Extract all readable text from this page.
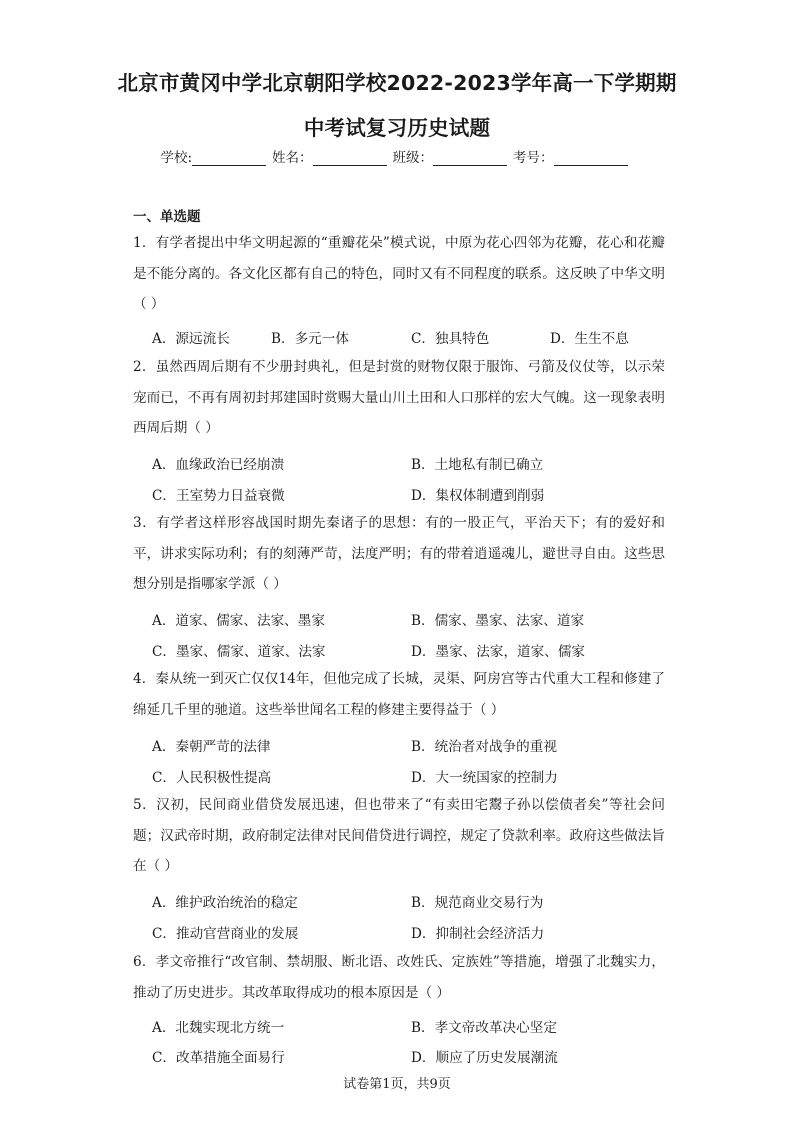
北京市黄冈中学北京朝阳学校2022-2023学年高一下学期期
中考试复习历史试题
学校:	姓名：	班级：	考号：
一、单选题
1．有学者提出中华文明起源的“重瓣花朵”模式说，中原为花心四邻为花瓣，花心和花瓣是不能分离的。各文化区都有自己的特色，同时又有不同程度的联系。这反映了中华文明（ ）
A．源远流长	B．多元一体	C．独具特色	D．生生不息
2．虽然西周后期有不少册封典礼，但是封赏的财物仅限于服饰、弓箭及仪仗等，以示荣宠而已，不再有周初封邦建国时赏赐大量山川土田和人口那样的宏大气魄。这一现象表明西周后期（ ）
A．血缘政治已经崩溃	B．土地私有制已确立
C．王室势力日益衰微	D．集权体制遭到削弱
3．有学者这样形容战国时期先秦诸子的思想：有的一股正气，平治天下；有的爱好和平，讲求实际功利；有的刻薄严苛，法度严明；有的带着逍遥魂儿，避世寻自由。这些思想分别是指哪家学派（ ）
A．道家、儒家、法家、墨家	B．儒家、墨家、法家、道家
C．墨家、儒家、道家、法家	D．墨家、法家，道家、儒家
4．秦从统一到灭亡仅仅14年，但他完成了长城，灵渠、阿房宫等古代重大工程和修建了绵延几千里的驰道。这些举世闻名工程的修建主要得益于（ ）
A．秦朝严苛的法律	B．统治者对战争的重视
C．人民积极性提高	D．大一统国家的控制力
5．汉初，民间商业借贷发展迅速，但也带来了“有卖田宅鬻子孙以偿债者矣”等社会问题；汉武帝时期，政府制定法律对民间借贷进行调控，规定了贷款利率。政府这些做法旨在（ ）
A．维护政治统治的稳定	B．规范商业交易行为
C．推动官营商业的发展	D．抑制社会经济活力
6．孝文帝推行“改官制、禁胡服、断北语、改姓氏、定族姓”等措施，增强了北魏实力，推动了历史进步。其改革取得成功的根本原因是（ ）
A．北魏实现北方统一	B．孝文帝改革决心坚定
C．改革措施全面易行	D．顺应了历史发展潮流
试卷第1页，共9页
